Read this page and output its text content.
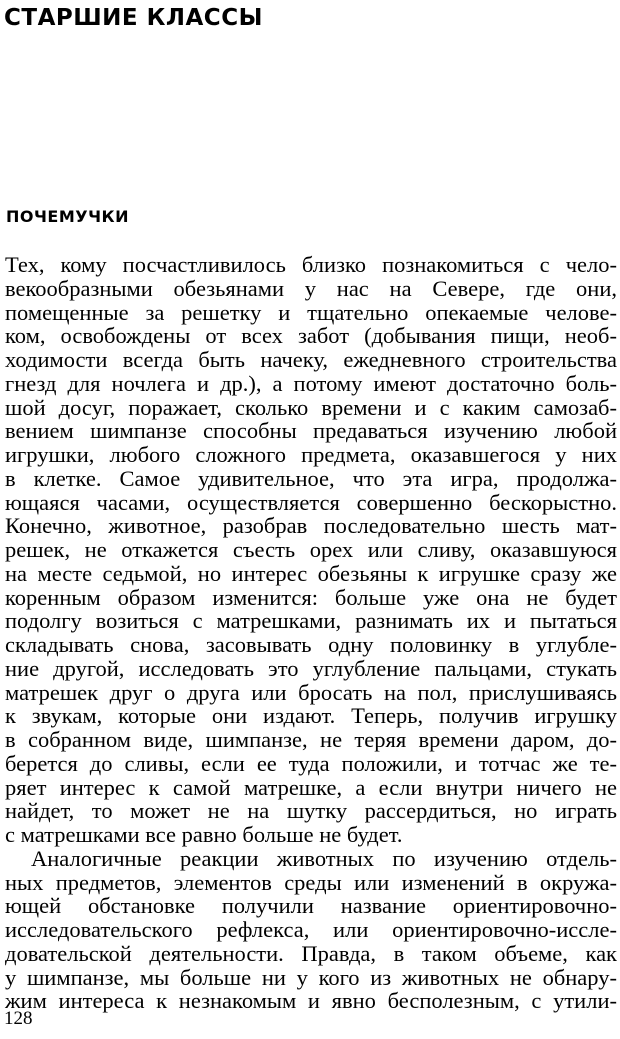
СТАРШИЕ КЛАССЫ
ПОЧЕМУЧКИ
Тех, кому посчастливилось близко познакомиться с чело-
векообразными обезьянами у нас на Севере, где они,
помещенные за решетку и тщательно опекаемые челове-
ком, освобождены от всех забот (добывания пищи, необ-
ходимости всегда быть начеку, ежедневного строительства
гнезд для ночлега и др.), а потому имеют достаточно боль-
шой досуг, поражает, сколько времени и с каким самозаб-
вением шимпанзе способны предаваться изучению любой
игрушки, любого сложного предмета, оказавшегося у них
в клетке. Самое удивительное, что эта игра, продолжа-
ющаяся часами, осуществляется совершенно бескорыстно.
Конечно, животное, разобрав последовательно шесть мат-
решек, не откажется съесть орех или сливу, оказавшуюся
на месте седьмой, но интерес обезьяны к игрушке сразу же
коренным образом изменится: больше уже она не будет
подолгу возиться с матрешками, разнимать их и пытаться
складывать снова, засовывать одну половинку в углубле-
ние другой, исследовать это углубление пальцами, стукать
матрешек друг о друга или бросать на пол, прислушиваясь
к звукам, которые они издают. Теперь, получив игрушку
в собранном виде, шимпанзе, не теряя времени даром, до-
берется до сливы, если ее туда положили, и тотчас же те-
ряет интерес к самой матрешке, а если внутри ничего не
найдет, то может не на шутку рассердиться, но играть
с матрешками все равно больше не будет.
Аналогичные реакции животных по изучению отдель-
ных предметов, элементов среды или изменений в окружа-
ющей обстановке получили название ориентировочно-
исследовательского рефлекса, или ориентировочно-иссле-
довательской деятельности. Правда, в таком объеме, как
у шимпанзе, мы больше ни у кого из животных не обнару-
жим интереса к незнакомым и явно бесполезным, с утили-
128
